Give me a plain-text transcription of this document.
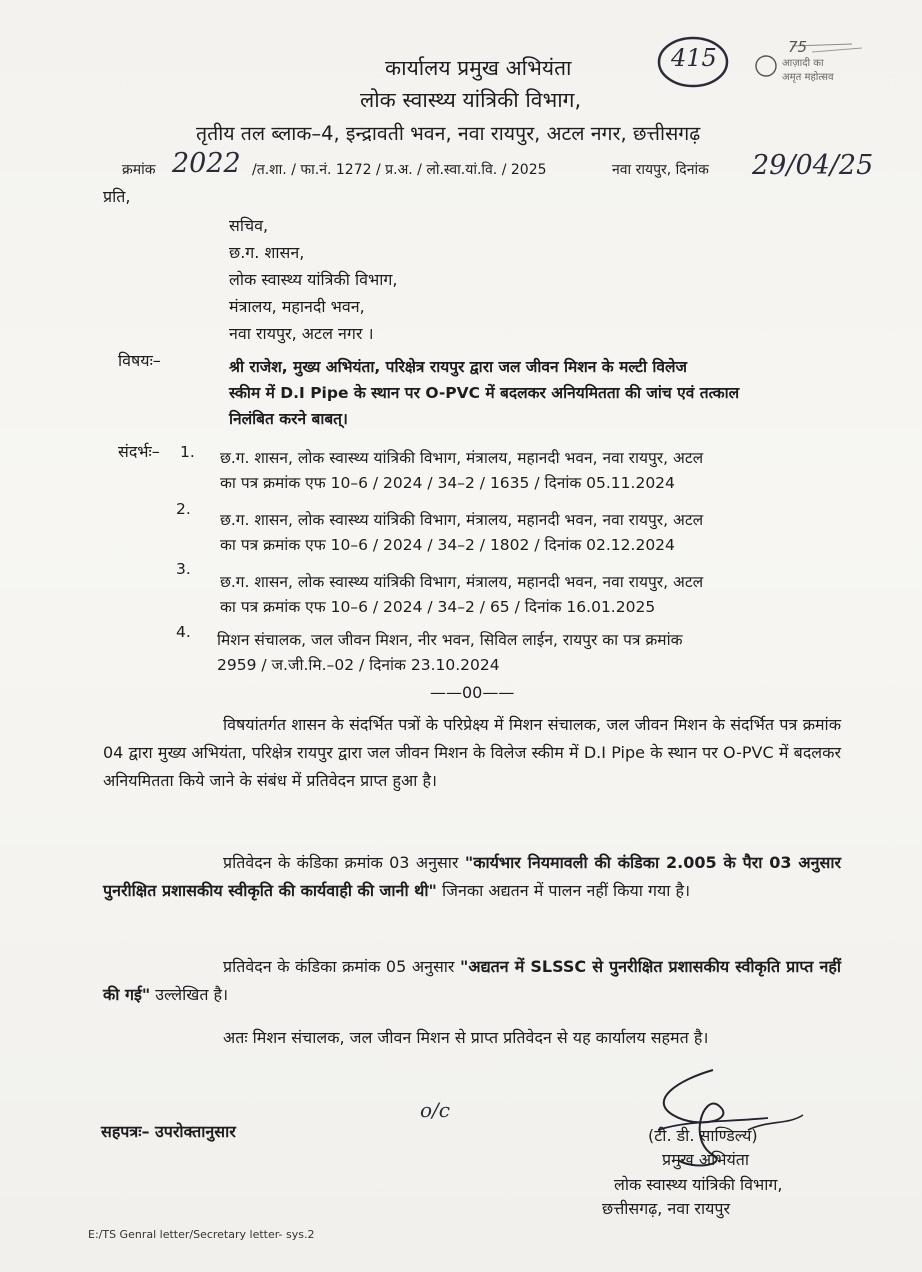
कार्यालय प्रमुख अभियंता
लोक स्वास्थ्य यांत्रिकी विभाग,
तृतीय तल ब्लाक–4, इन्द्रावती भवन, नवा रायपुर, अटल नगर, छत्तीसगढ़
415	75
आज़ादी का
अमृत महोत्सव
क्रमांक 2022 /त.शा. / फा.नं. 1272 / प्र.अ. / लो.स्वा.यां.वि. / 2025	नवा रायपुर, दिनांक 29/04/25
प्रति,
सचिव,
छ.ग. शासन,
लोक स्वास्थ्य यांत्रिकी विभाग,
मंत्रालय, महानदी भवन,
नवा रायपुर, अटल नगर ।
विषयः–	श्री राजेश, मुख्य अभियंता, परिक्षेत्र रायपुर द्वारा जल जीवन मिशन के मल्टी विलेज
स्कीम में D.I Pipe के स्थान पर O-PVC में बदलकर अनियमितता की जांच एवं तत्काल
निलंबित करने बाबत्।
संदर्भः– 1. छ.ग. शासन, लोक स्वास्थ्य यांत्रिकी विभाग, मंत्रालय, महानदी भवन, नवा रायपुर, अटल
का पत्र क्रमांक एफ 10–6 / 2024 / 34–2 / 1635 / दिनांक 05.11.2024
2.
छ.ग. शासन, लोक स्वास्थ्य यांत्रिकी विभाग, मंत्रालय, महानदी भवन, नवा रायपुर, अटल
का पत्र क्रमांक एफ 10–6 / 2024 / 34–2 / 1802 / दिनांक 02.12.2024
3.
छ.ग. शासन, लोक स्वास्थ्य यांत्रिकी विभाग, मंत्रालय, महानदी भवन, नवा रायपुर, अटल
का पत्र क्रमांक एफ 10–6 / 2024 / 34–2 / 65 / दिनांक 16.01.2025
4. मिशन संचालक, जल जीवन मिशन, नीर भवन, सिविल लाईन, रायपुर का पत्र क्रमांक
2959 / ज.जी.मि.–02 / दिनांक 23.10.2024
——00——
विषयांतर्गत शासन के संदर्भित पत्रों के परिप्रेक्ष्य में मिशन संचालक, जल जीवन मिशन के संदर्भित पत्र क्रमांक 04 द्वारा मुख्य अभियंता, परिक्षेत्र रायपुर द्वारा जल जीवन मिशन के विलेज स्कीम में D.I Pipe के स्थान पर O-PVC में बदलकर अनियमितता किये जाने के संबंध में प्रतिवेदन प्राप्त हुआ है।
प्रतिवेदन के कंडिका क्रमांक 03 अनुसार "कार्यभार नियमावली की कंडिका 2.005 के पैरा 03 अनुसार पुनरीक्षित प्रशासकीय स्वीकृति की कार्यवाही की जानी थी" जिनका अद्यतन में पालन नहीं किया गया है।
प्रतिवेदन के कंडिका क्रमांक 05 अनुसार "अद्यतन में SLSSC से पुनरीक्षित प्रशासकीय स्वीकृति प्राप्त नहीं की गई" उल्लेखित है।
अतः मिशन संचालक, जल जीवन मिशन से प्राप्त प्रतिवेदन से यह कार्यालय सहमत है।
सहपत्रः– उपरोक्तानुसार
o/c
(टी. डी. साण्डिल्य)
प्रमुख अभियंता
लोक स्वास्थ्य यांत्रिकी विभाग,
छत्तीसगढ़, नवा रायपुर
E:/TS Genral letter/Secretary letter- sys.2
